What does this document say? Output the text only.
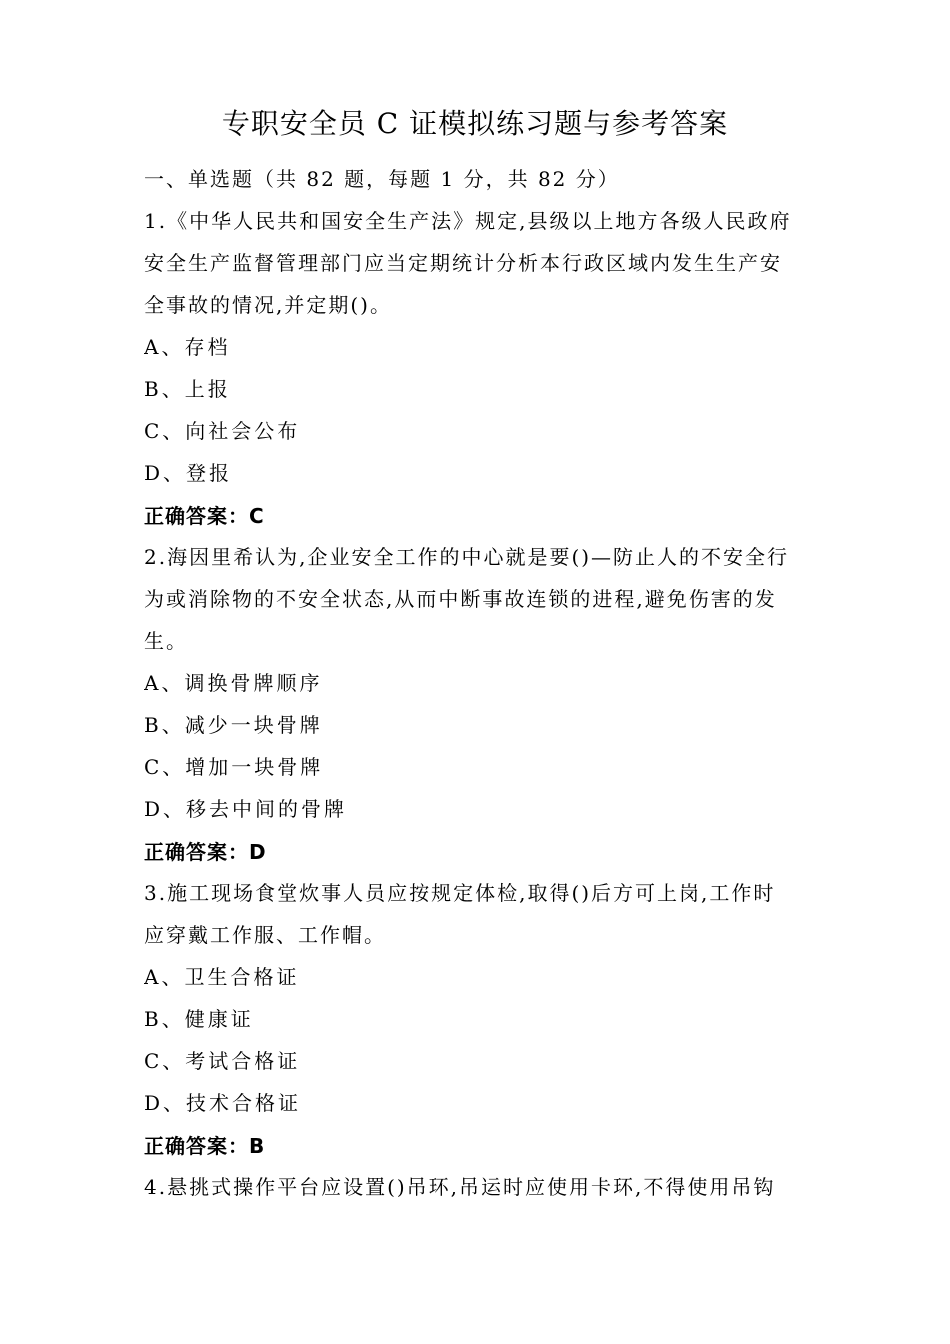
专职安全员 C 证模拟练习题与参考答案
一、单选题（共 82 题，每题 1 分，共 82 分）
1.《中华人民共和国安全生产法》规定,县级以上地方各级人民政府
安全生产监督管理部门应当定期统计分析本行政区域内发生生产安
全事故的情况,并定期()。
A、存档
B、上报
C、向社会公布
D、登报
正确答案：C
2.海因里希认为,企业安全工作的中心就是要()—防止人的不安全行
为或消除物的不安全状态,从而中断事故连锁的进程,避免伤害的发
生。
A、调换骨牌顺序
B、减少一块骨牌
C、增加一块骨牌
D、移去中间的骨牌
正确答案：D
3.施工现场食堂炊事人员应按规定体检,取得()后方可上岗,工作时
应穿戴工作服、工作帽。
A、卫生合格证
B、健康证
C、考试合格证
D、技术合格证
正确答案：B
4.悬挑式操作平台应设置()吊环,吊运时应使用卡环,不得使用吊钩
